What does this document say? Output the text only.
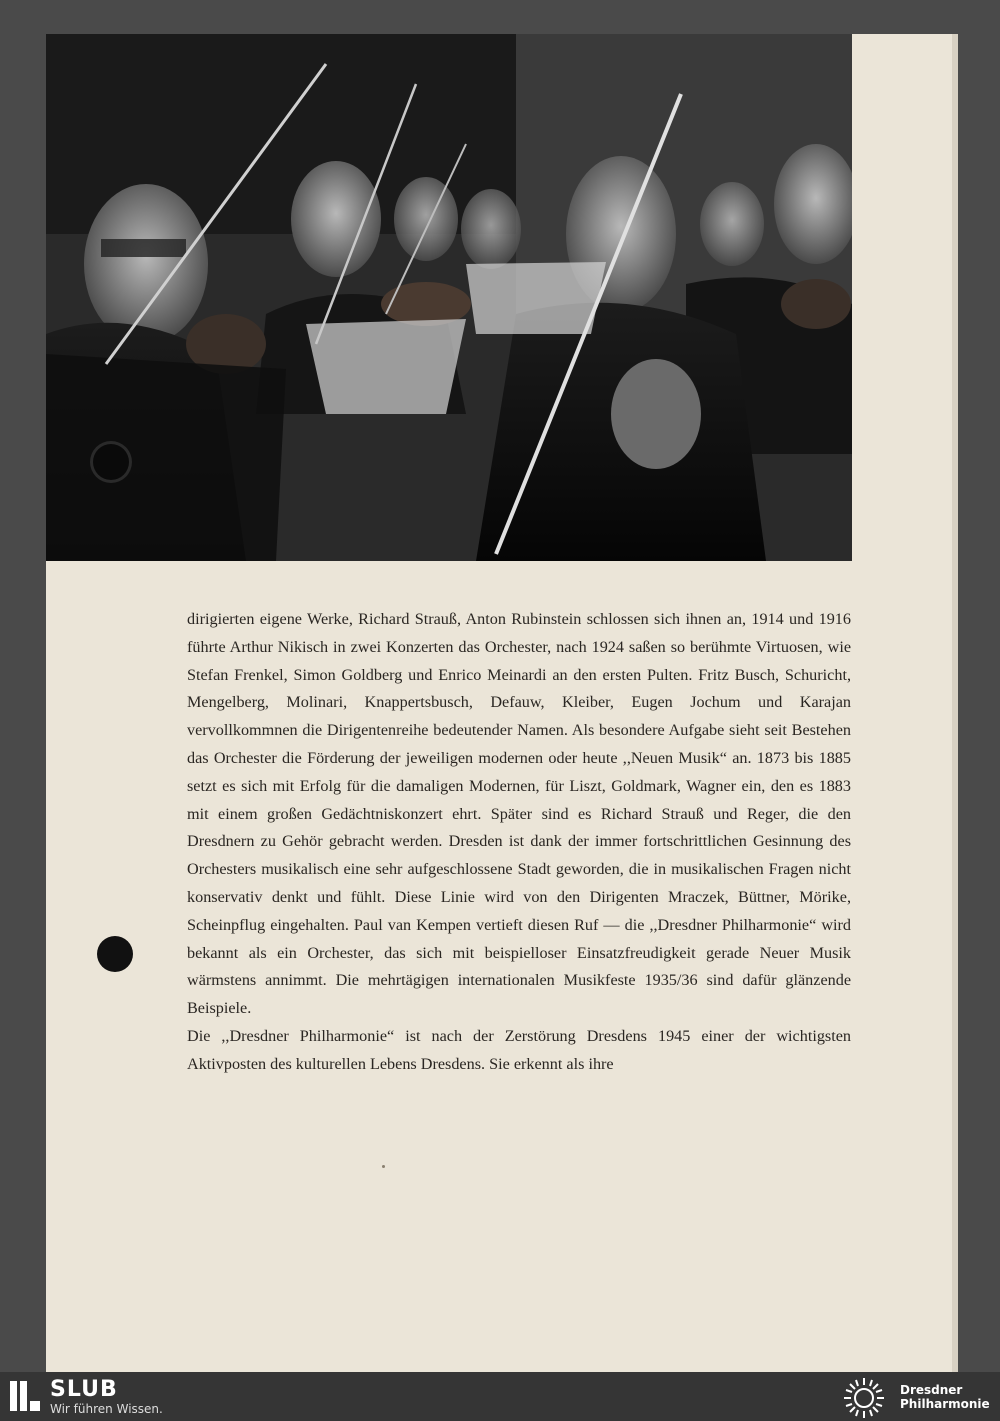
dirigierten eigene Werke, Richard Strauß, Anton Rubinstein schlossen sich ihnen an, 1914 und 1916 führte Arthur Nikisch in zwei Konzerten das Orchester, nach 1924 saßen so berühmte Virtuosen, wie Stefan Frenkel, Simon Goldberg und Enrico Meinardi an den ersten Pulten. Fritz Busch, Schuricht, Mengelberg, Molinari, Knappertsbusch, Defauw, Kleiber, Eugen Jochum und Karajan vervollkommnen die Dirigentenreihe bedeutender Namen. Als besondere Aufgabe sieht seit Bestehen das Orchester die Förderung der jeweiligen modernen oder heute ,,Neuen Musik“ an. 1873 bis 1885 setzt es sich mit Erfolg für die damaligen Modernen, für Liszt, Goldmark, Wagner ein, den es 1883 mit einem großen Gedächtniskonzert ehrt. Später sind es Richard Strauß und Reger, die den Dresdnern zu Gehör gebracht werden. Dresden ist dank der immer fortschrittlichen Gesinnung des Orchesters musikalisch eine sehr aufgeschlossene Stadt geworden, die in musikalischen Fragen nicht konservativ denkt und fühlt. Diese Linie wird von den Dirigenten Mraczek, Büttner, Mörike, Scheinpflug eingehalten. Paul van Kempen vertieft diesen Ruf — die ,,Dresdner Philharmonie“ wird bekannt als ein Orchester, das sich mit beispielloser Einsatzfreudigkeit gerade Neuer Musik wärmstens annimmt. Die mehrtägigen internationalen Musikfeste 1935/36 sind dafür glänzende Beispiele.

Die ,,Dresdner Philharmonie“ ist nach der Zerstörung Dresdens 1945 einer der wichtigsten Aktivposten des kulturellen Lebens Dresdens. Sie erkennt als ihre

SLUB
Wir führen Wissen.
Dresdner
Philharmonie
